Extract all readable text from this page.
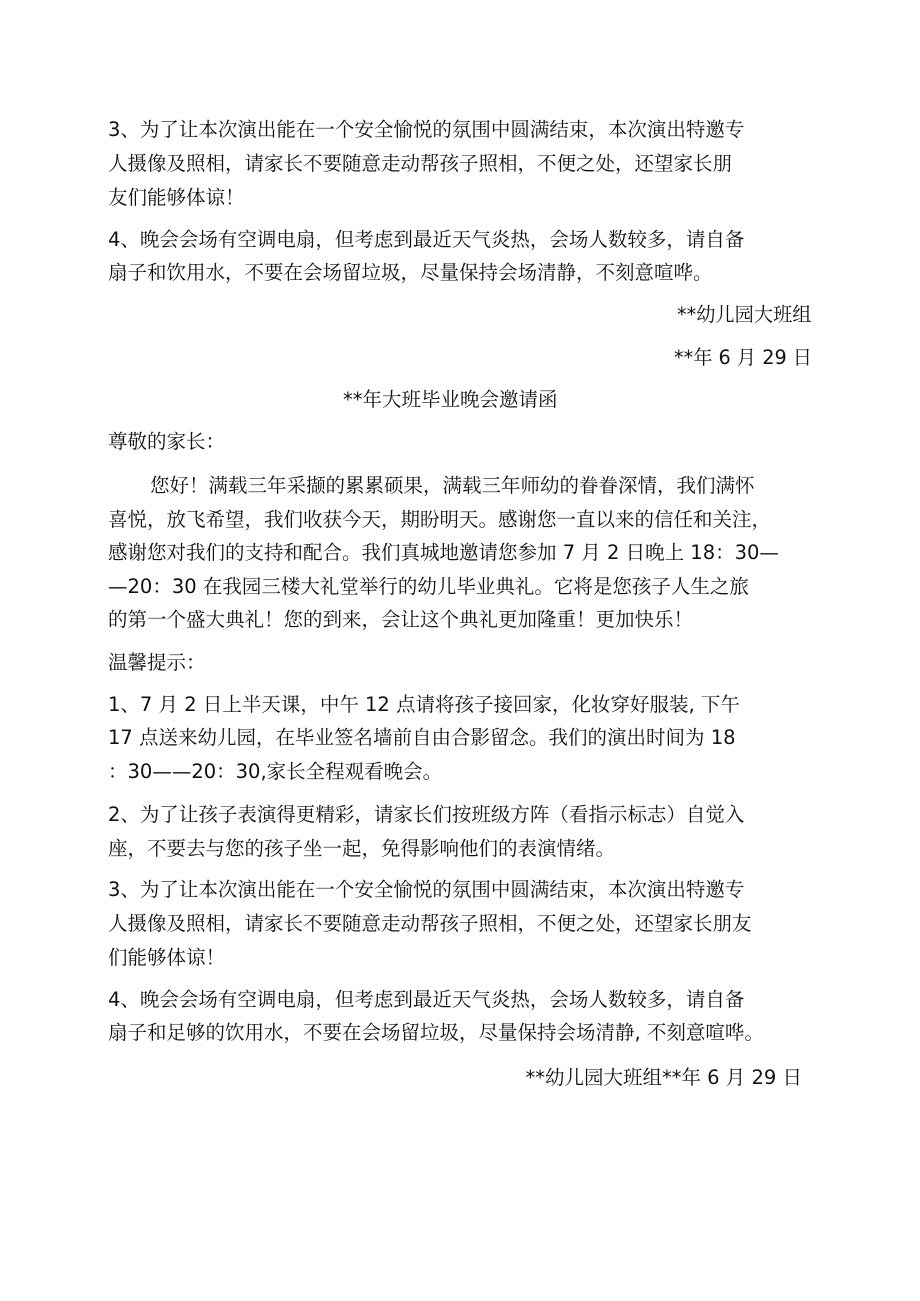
3、为了让本次演出能在一个安全愉悦的氛围中圆满结束，本次演出特邀专

人摄像及照相，请家长不要随意走动帮孩子照相，不便之处，还望家长朋

友们能够体谅！

4、晚会会场有空调电扇，但考虑到最近天气炎热，会场人数较多，请自备

扇子和饮用水，不要在会场留垃圾，尽量保持会场清静，不刻意喧哗。

**幼儿园大班组

**年 6 月 29 日

**年大班毕业晚会邀请函

尊敬的家长：

您好！满载三年采撷的累累硕果，满载三年师幼的眷眷深情，我们满怀

喜悦，放飞希望，我们收获今天，期盼明天。感谢您一直以来的信任和关注，

感谢您对我们的支持和配合。我们真城地邀请您参加 7 月 2 日晚上 18：30—

—20：30 在我园三楼大礼堂举行的幼儿毕业典礼。它将是您孩子人生之旅

的第一个盛大典礼！您的到来，会让这个典礼更加隆重！更加快乐！

温馨提示：

1、7 月 2 日上半天课，中午 12 点请将孩子接回家，化妆穿好服装, 下午

17 点送来幼儿园，在毕业签名墙前自由合影留念。我们的演出时间为 18

：30——20：30,家长全程观看晚会。

2、为了让孩子表演得更精彩，请家长们按班级方阵（看指示标志）自觉入

座，不要去与您的孩子坐一起，免得影响他们的表演情绪。

3、为了让本次演出能在一个安全愉悦的氛围中圆满结束，本次演出特邀专

人摄像及照相，请家长不要随意走动帮孩子照相，不便之处，还望家长朋友

们能够体谅！

4、晚会会场有空调电扇，但考虑到最近天气炎热，会场人数较多，请自备

扇子和足够的饮用水，不要在会场留垃圾，尽量保持会场清静, 不刻意喧哗。

**幼儿园大班组**年 6 月 29 日
